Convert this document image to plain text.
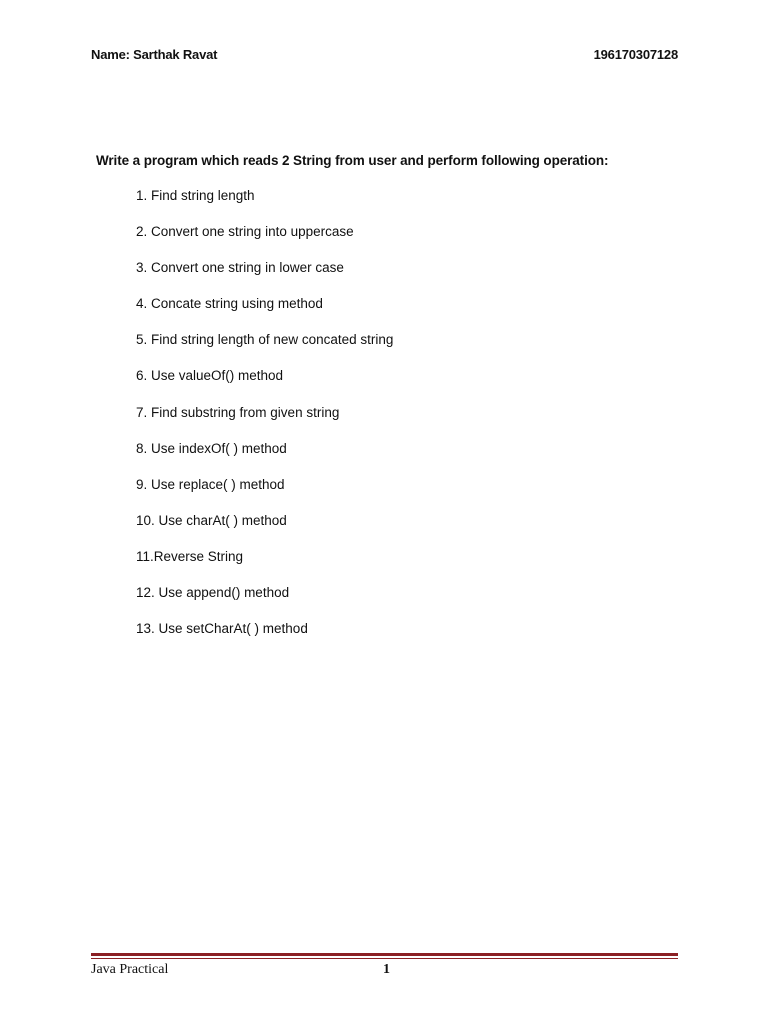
Name: Sarthak Ravat	196170307128
Write a program which reads 2 String from user and perform following operation:
1. Find string length
2. Convert one string into uppercase
3. Convert one string in lower case
4. Concate string using method
5. Find string length of new concated string
6. Use valueOf() method
7. Find substring from given string
8. Use indexOf( ) method
9. Use replace( ) method
10. Use charAt( ) method
11.Reverse String
12. Use append() method
13. Use setCharAt( ) method
Java Practical	1
